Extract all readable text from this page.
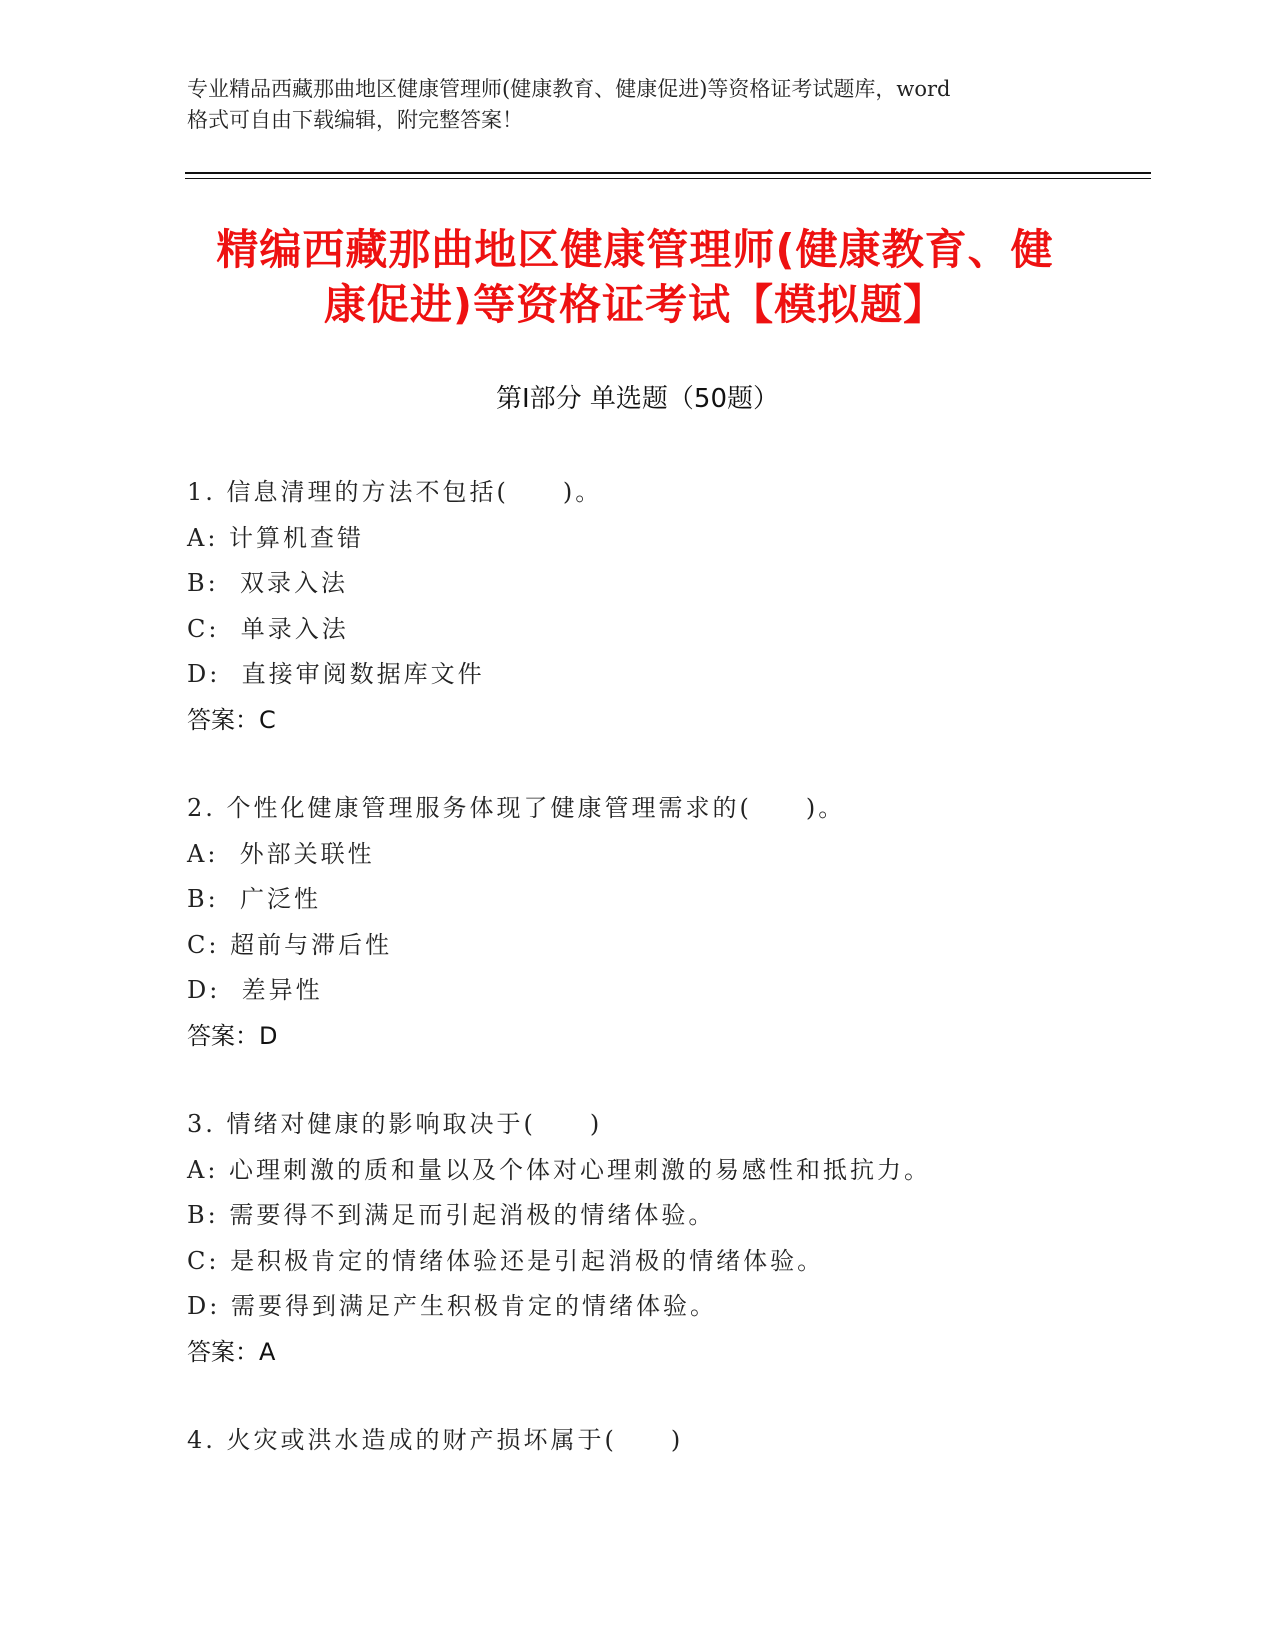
专业精品西藏那曲地区健康管理师(健康教育、健康促进)等资格证考试题库，word
格式可自由下载编辑，附完整答案！
精编西藏那曲地区健康管理师(健康教育、健
康促进)等资格证考试【模拟题】
第Ⅰ部分 单选题（50题）
1. 信息清理的方法不包括(　　)。
A: 计算机查错
B:  双录入法
C:  单录入法
D:  直接审阅数据库文件
答案：C
2. 个性化健康管理服务体现了健康管理需求的(　　)。
A:  外部关联性
B:  广泛性
C: 超前与滞后性
D:  差异性
答案：D
3. 情绪对健康的影响取决于(　　)
A: 心理刺激的质和量以及个体对心理刺激的易感性和抵抗力。
B: 需要得不到满足而引起消极的情绪体验。
C: 是积极肯定的情绪体验还是引起消极的情绪体验。
D: 需要得到满足产生积极肯定的情绪体验。
答案：A
4. 火灾或洪水造成的财产损坏属于(　　)
